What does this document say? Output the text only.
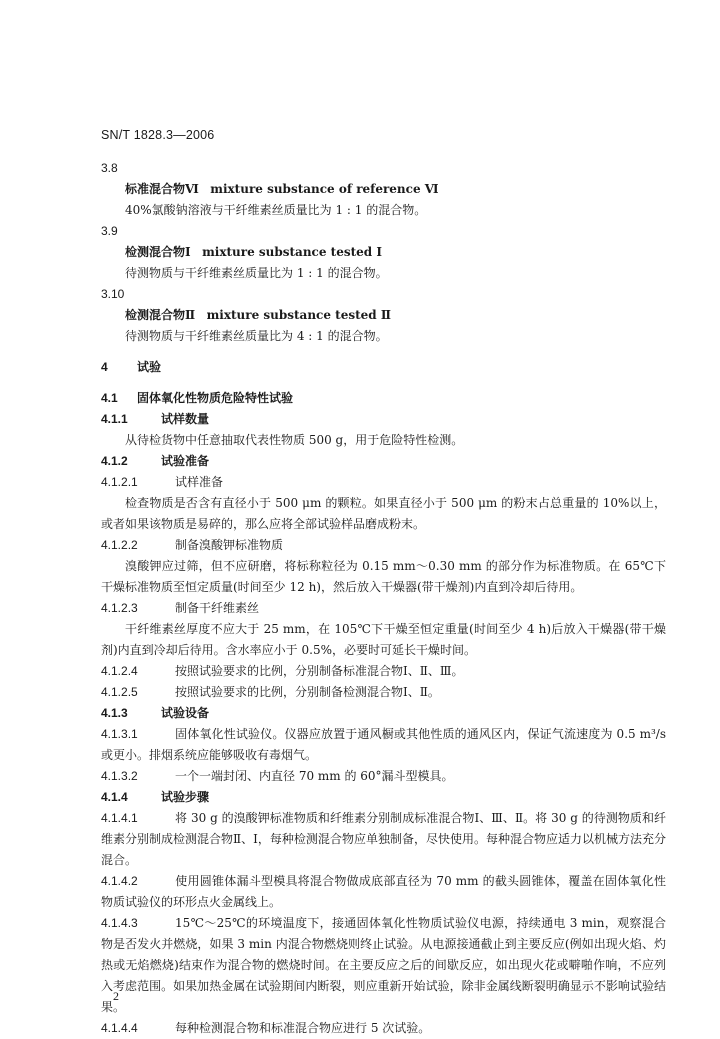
SN/T 1828.3—2006

3.8

标准混合物Ⅵ mixture substance of reference Ⅵ

40%氯酸钠溶液与干纤维素丝质量比为 1 : 1 的混合物。

3.9

检测混合物Ⅰ mixture substance tested Ⅰ

待测物质与干纤维素丝质量比为 1 : 1 的混合物。

3.10

检测混合物Ⅱ mixture substance tested Ⅱ

待测物质与干纤维素丝质量比为 4 : 1 的混合物。

4 试验

4.1 固体氧化性物质危险特性试验

4.1.1	试样数量

从待检货物中任意抽取代表性物质 500 g，用于危险特性检测。

4.1.2	试验准备

4.1.2.1	试样准备

检查物质是否含有直径小于 500 μm 的颗粒。如果直径小于 500 μm 的粉末占总重量的 10%以上，或者如果该物质是易碎的，那么应将全部试验样品磨成粉末。

4.1.2.2	制备溴酸钾标准物质

溴酸钾应过筛，但不应研磨，将标称粒径为 0.15 mm～0.30 mm 的部分作为标准物质。在 65℃下干燥标准物质至恒定质量(时间至少 12 h)，然后放入干燥器(带干燥剂)内直到冷却后待用。

4.1.2.3	制备干纤维素丝

干纤维素丝厚度不应大于 25 mm，在 105℃下干燥至恒定重量(时间至少 4 h)后放入干燥器(带干燥剂)内直到冷却后待用。含水率应小于 0.5%，必要时可延长干燥时间。

4.1.2.4	按照试验要求的比例，分别制备标准混合物Ⅰ、Ⅱ、Ⅲ。

4.1.2.5	按照试验要求的比例，分别制备检测混合物Ⅰ、Ⅱ。

4.1.3	试验设备

4.1.3.1	固体氧化性试验仪。仪器应放置于通风橱或其他性质的通风区内，保证气流速度为 0.5 m³/s 或更小。排烟系统应能够吸收有毒烟气。

4.1.3.2	一个一端封闭、内直径 70 mm 的 60°漏斗型模具。

4.1.4	试验步骤

4.1.4.1	将 30 g 的溴酸钾标准物质和纤维素分别制成标准混合物Ⅰ、Ⅲ、Ⅱ。将 30 g 的待测物质和纤维素分别制成检测混合物Ⅱ、Ⅰ，每种检测混合物应单独制备，尽快使用。每种混合物应适力以机械方法充分混合。

4.1.4.2	使用圆锥体漏斗型模具将混合物做成底部直径为 70 mm 的截头圆锥体，覆盖在固体氧化性物质试验仪的环形点火金属线上。

4.1.4.3	15℃～25℃的环境温度下，接通固体氧化性物质试验仪电源，持续通电 3 min，观察混合物是否发火并燃烧，如果 3 min 内混合物燃烧则终止试验。从电源接通截止到主要反应(例如出现火焰、灼热或无焰燃烧)结束作为混合物的燃烧时间。在主要反应之后的间歇反应，如出现火花或噼啪作响，不应列入考虑范围。如果加热金属在试验期间内断裂，则应重新开始试验，除非金属线断裂明确显示不影响试验结果。

4.1.4.4	每种检测混合物和标准混合物应进行 5 次试验。

2
